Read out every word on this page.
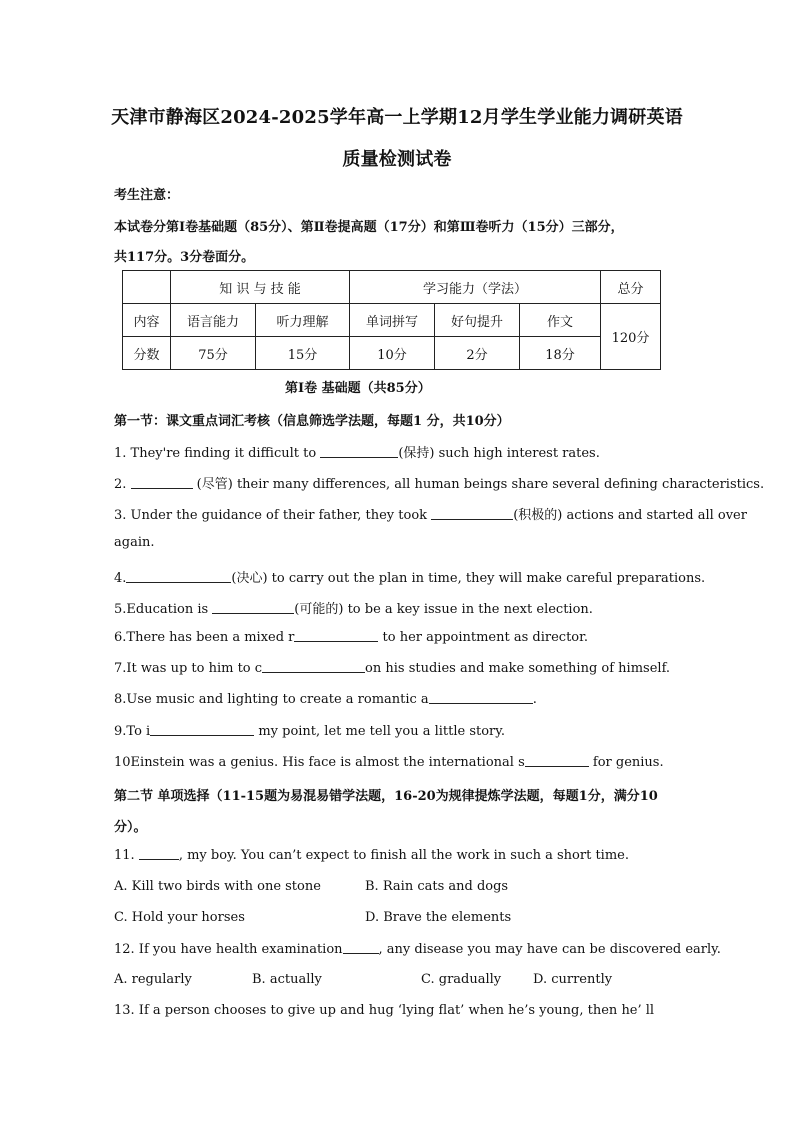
天津市静海区2024-2025学年高一上学期12月学生学业能力调研英语
质量检测试卷
考生注意：
本试卷分第Ⅰ卷基础题（85分）、第Ⅱ卷提高题（17分）和第Ⅲ卷听力（15分）三部分，
共117分。3分卷面分。
	知 识 与 技 能		学习能力（学法）			总分
内容	语言能力	听力理解	单词拼写	好句提升	作文	120分
分数	75分	15分	10分	2分	18分	
第Ⅰ卷 基础题（共85分）
第一节：课文重点词汇考核（信息筛选学法题，每题1 分，共10分）
1. They're finding it difficult to	(保持) such high interest rates.
2.	(尽管) their many differences, all human beings share several defining characteristics.
3. Under the guidance of their father, they took	(积极的) actions and started all over
again.
4.	(决心) to carry out the plan in time, they will make careful preparations.
5.Education is	(可能的) to be a key issue in the next election.
6.There has been a mixed r	to her appointment as director.
7.It was up to him to c	on his studies and make something of himself.
8.Use music and lighting to create a romantic a	.
9.To i	my point, let me tell you a little story.
10Einstein was a genius. His face is almost the international s	for genius.
第二节 单项选择（11-15题为易混易错学法题，16-20为规律提炼学法题，每题1分，满分10
分）。
11.	, my boy. You can’t expect to finish all the work in such a short time.
A. Kill two birds with one stone	B. Rain cats and dogs
C. Hold your horses	D. Brave the elements
12. If you have health examination	, any disease you may have can be discovered early.
A. regularly	B. actually	C. gradually D. currently
13. If a person chooses to give up and hug ‘lying flat’ when he’s young, then he’ ll
